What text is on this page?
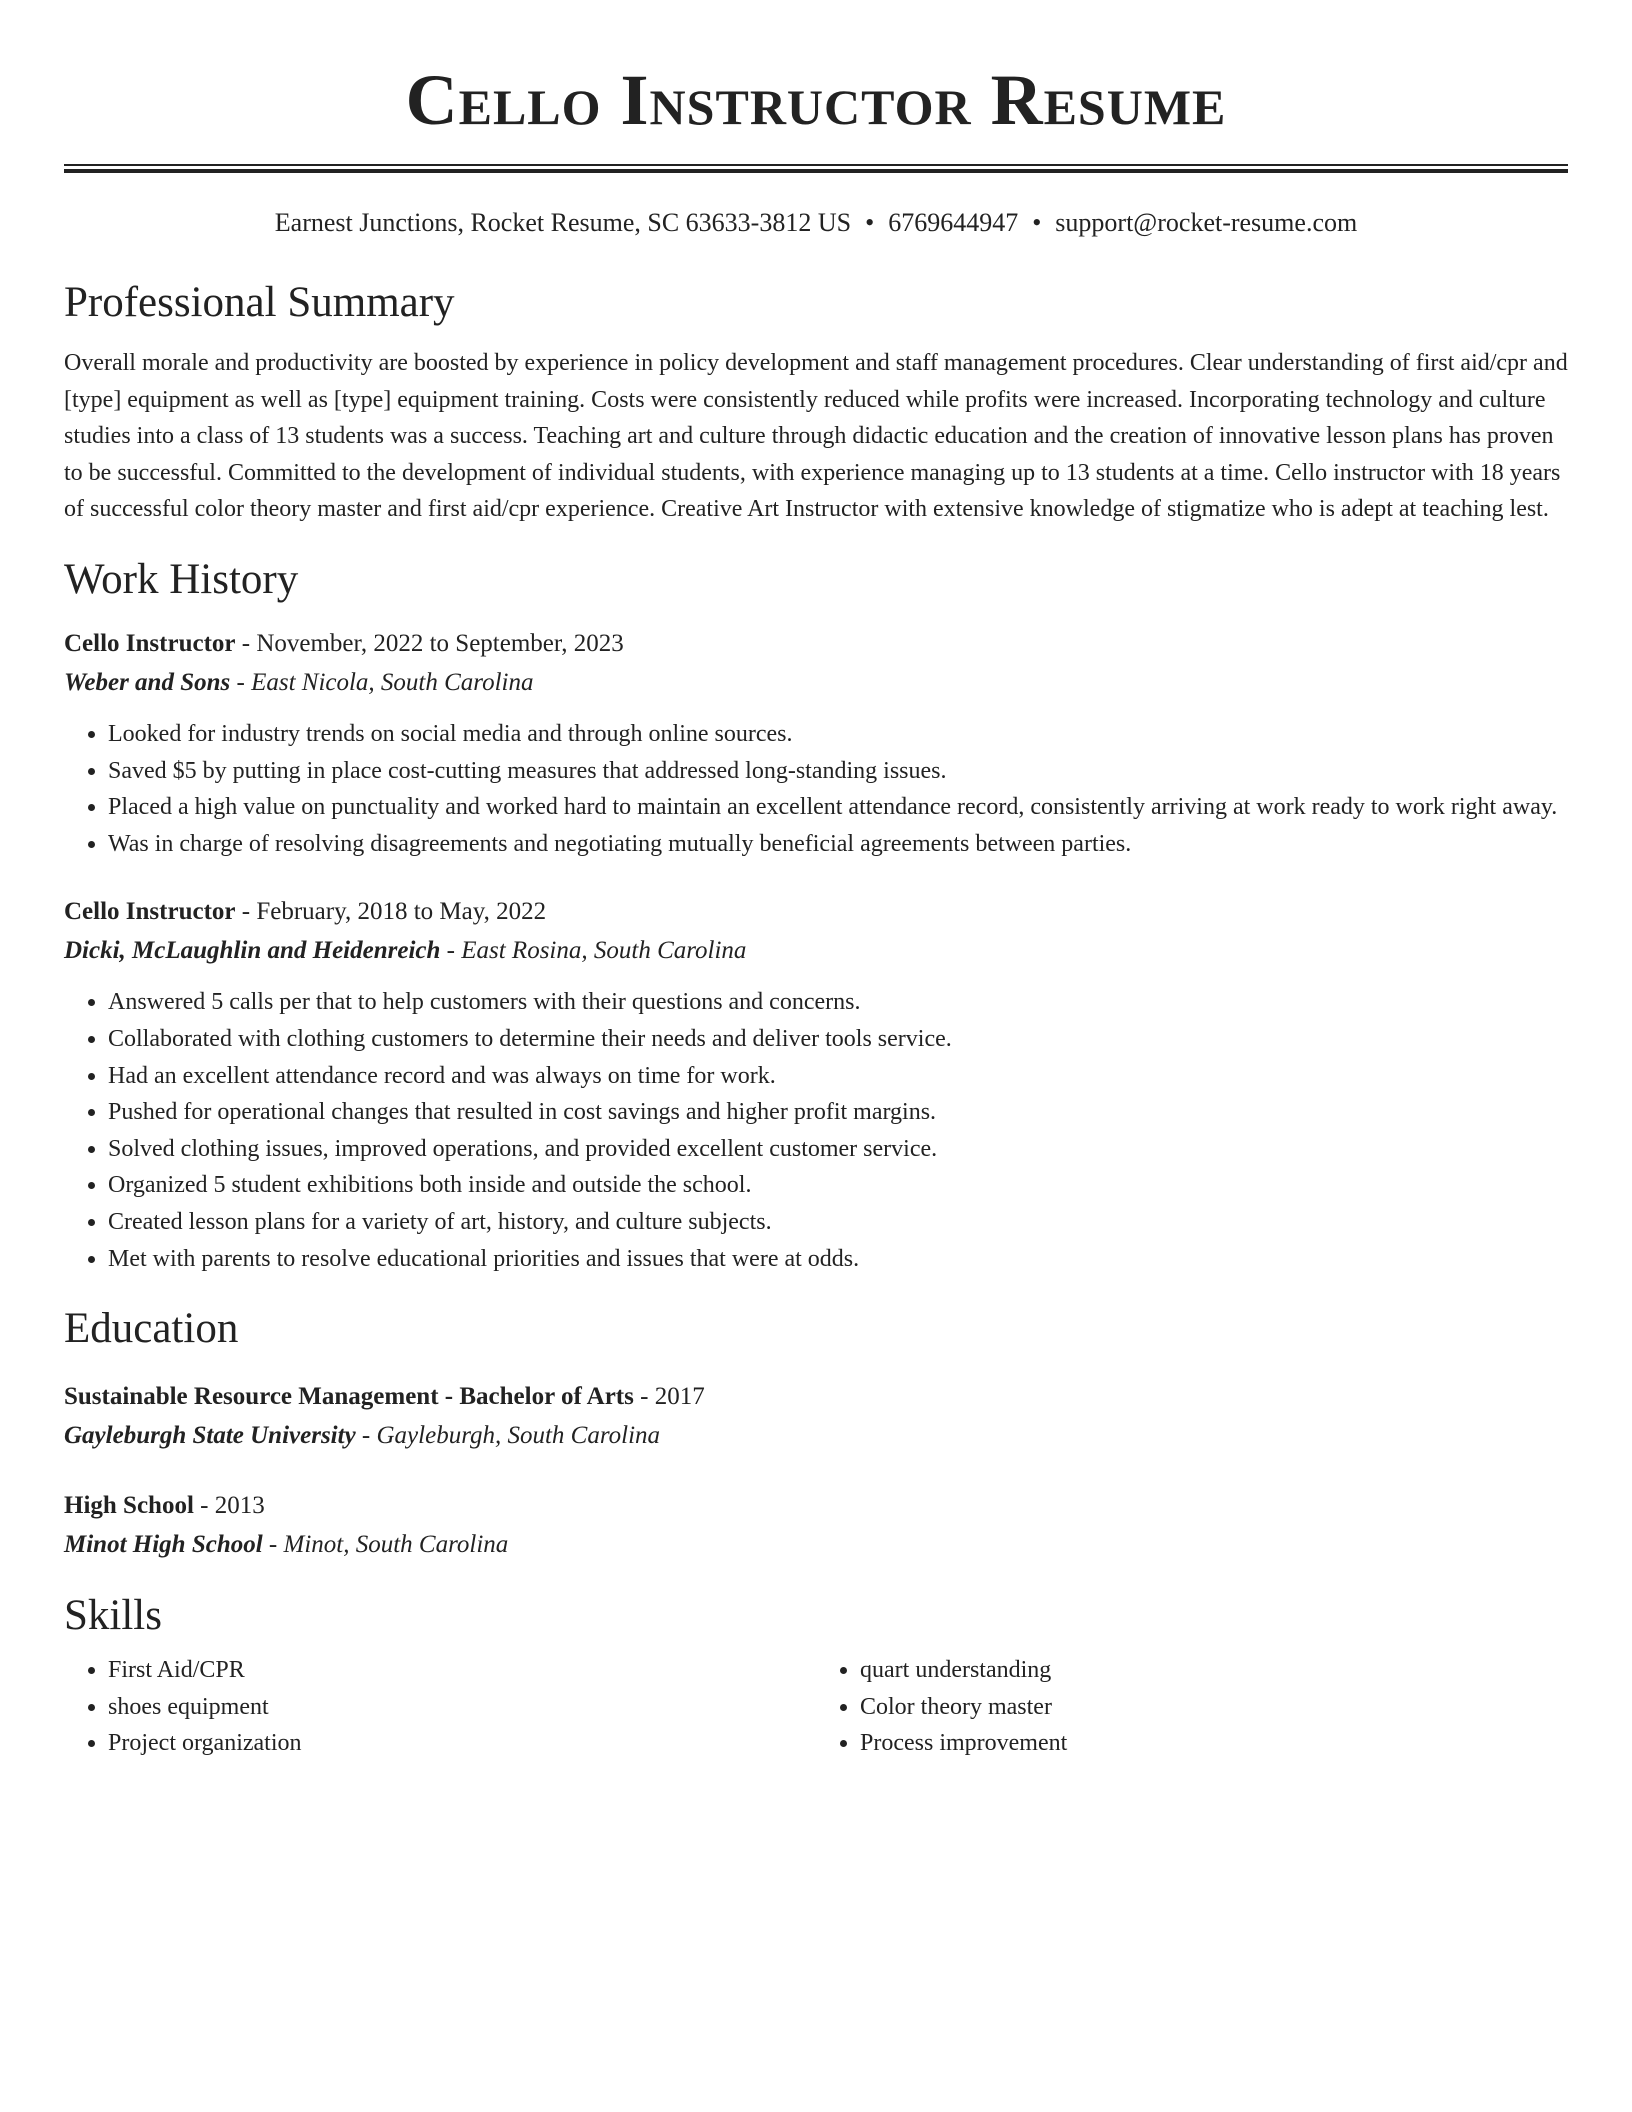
Cello Instructor Resume
Earnest Junctions, Rocket Resume, SC 63633-3812 US • 6769644947 • support@rocket-resume.com
Professional Summary

Overall morale and productivity are boosted by experience in policy development and staff management procedures. Clear understanding of first aid/cpr and [type] equipment as well as [type] equipment training. Costs were consistently reduced while profits were increased. Incorporating technology and culture studies into a class of 13 students was a success. Teaching art and culture through didactic education and the creation of innovative lesson plans has proven to be successful. Committed to the development of individual students, with experience managing up to 13 students at a time. Cello instructor with 18 years of successful color theory master and first aid/cpr experience. Creative Art Instructor with extensive knowledge of stigmatize who is adept at teaching lest.

Work History
Cello Instructor - November, 2022 to September, 2023
Weber and Sons - East Nicola, South Carolina
• Looked for industry trends on social media and through online sources.
• Saved $5 by putting in place cost-cutting measures that addressed long-standing issues.
• Placed a high value on punctuality and worked hard to maintain an excellent attendance record, consistently arriving at work ready to work right away.
• Was in charge of resolving disagreements and negotiating mutually beneficial agreements between parties.
Cello Instructor - February, 2018 to May, 2022
Dicki, McLaughlin and Heidenreich - East Rosina, South Carolina
• Answered 5 calls per that to help customers with their questions and concerns.
• Collaborated with clothing customers to determine their needs and deliver tools service.
• Had an excellent attendance record and was always on time for work.
• Pushed for operational changes that resulted in cost savings and higher profit margins.
• Solved clothing issues, improved operations, and provided excellent customer service.
• Organized 5 student exhibitions both inside and outside the school.
• Created lesson plans for a variety of art, history, and culture subjects.
• Met with parents to resolve educational priorities and issues that were at odds.
Education
Sustainable Resource Management - Bachelor of Arts - 2017
Gayleburgh State University - Gayleburgh, South Carolina
High School - 2013
Minot High School - Minot, South Carolina
Skills
• First Aid/CPR
• shoes equipment
• Project organization
• quart understanding
• Color theory master
• Process improvement
